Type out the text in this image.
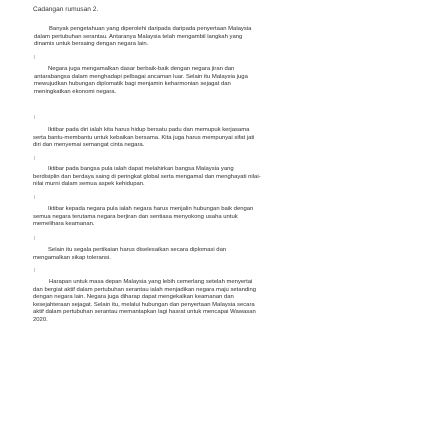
Cadangan rumusan 2.
Banyak pengetahuan yang diperolehi daripada daripada penyertaan Malaysia
dalam pertubuhan serantau. Antaranya Malaysia telah mengambil langkah yang
dinamis untuk bersaing dengan negara lain.
Negara juga mengamalkan dasar berbaik-baik dengan negara jiran dan
antarabangsa dalam menghadapi pelbagai ancaman luar. Selain itu Malaysia juga
mewujudkan hubungan diplomatik bagi menjamin keharmonian sejagat dan
meningkatkan ekonomi negara.
Iktibar pada diri ialah kita harus hidup bersatu padu dan memupuk kerjasama
serta bantu-membantu untuk kebaikan bersama. Kita juga harus mempunyai sifat jati
diri dan menyemai semangat cinta negara.
Iktibar pada bangsa pula ialah dapat melahirkan bangsa Malaysia yang
berdisiplin dan berdaya saing di peringkat global serta mengamal dan menghayati nilai-
nilai murni dalam semua aspek kehidupan.
Iktibar kepada negara pula ialah negara harus menjalin hubungan baik dengan
semua negara terutama negara berjiran dan sentiasa menyokong usaha untuk
memelihara keamanan.
Selain itu segala pertikaian harus diselesaikan secara diplomasi dan
mengamalkan sikap toleransi.
Harapan untuk masa depan Malaysia yang lebih cemerlang setelah menyertai
dan bergiat aktif dalam pertubuhan serantau ialah menjadikan negara maju setanding
dengan negara lain. Negara juga diharap dapat mengekalkan keamanan dan
kesejahteraan sejagat. Selain itu, melalui hubungan dan penyertaan Malaysia secara
aktif dalam pertubuhan serantau memantapkan lagi hasrat untuk mencapai Wawasan
2020.
